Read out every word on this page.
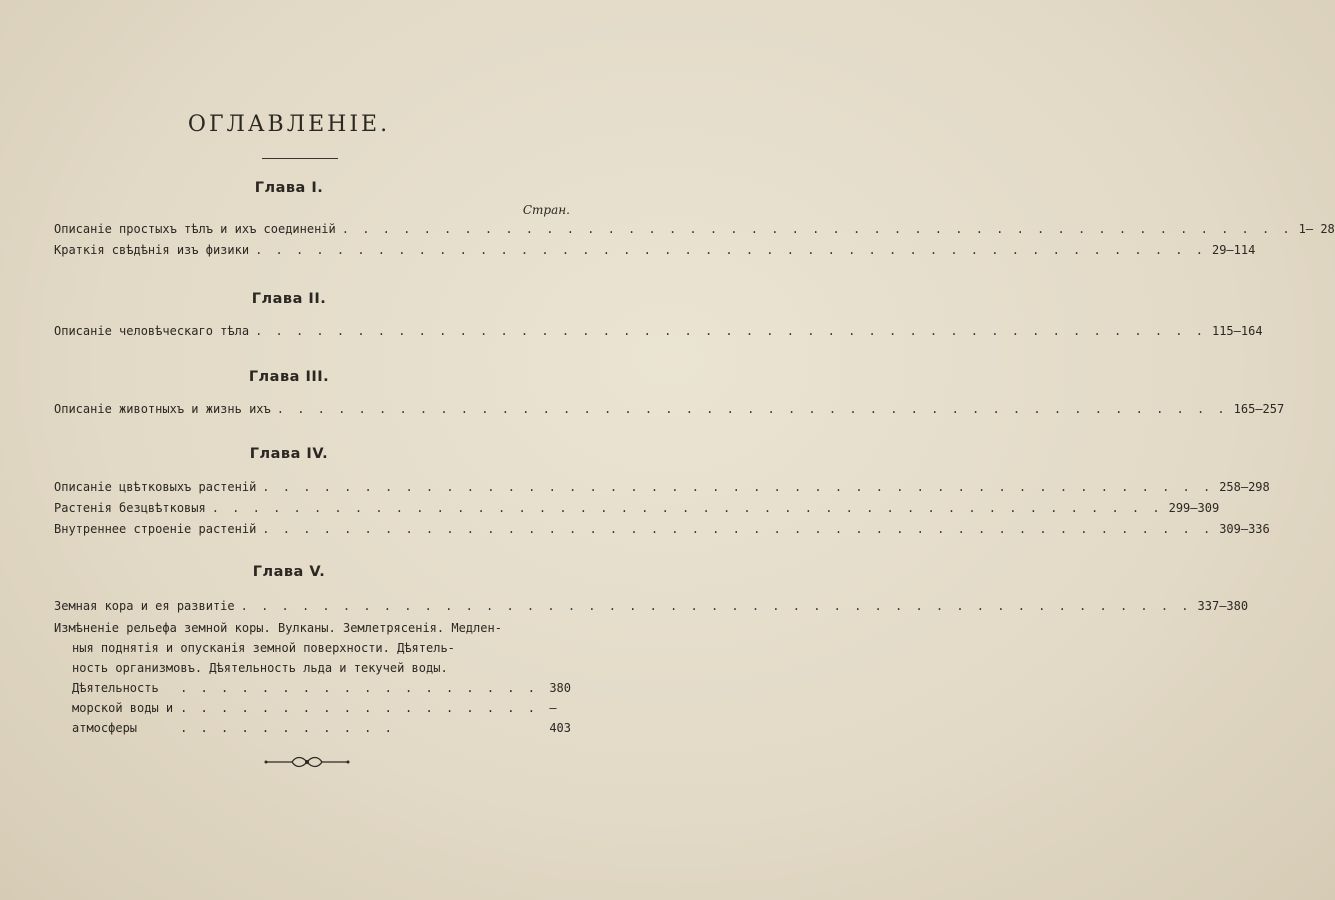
ОГЛАВЛЕНІЕ.
Глава I.
Стран.
Описаніе простыхъ тѣлъ и ихъ соединеній . . . . . . . . . . . . . . . . . . . . . . . . . . . . . . . . . . . . . . . . . . . . . . . 1— 28
Краткія свѣдѣнія изъ физики . . . . . . . . . . . . . . . . . . . . . . . . . . . . . . . . . . . . . . . . . . . . . . . 29—114
Глава II.
Описаніе человѣческаго тѣла . . . . . . . . . . . . . . . . . . . . . . . . . . . . . . . . . . . . . . . . . . . . . . . 115—164
Глава III.
Описаніе животныхъ и жизнь ихъ . . . . . . . . . . . . . . . . . . . . . . . . . . . . . . . . . . . . . . . . . . . . . . . 165—257
Глава IV.
Описаніе цвѣтковыхъ растеній . . . . . . . . . . . . . . . . . . . . . . . . . . . . . . . . . . . . . . . . . . . . . . . 258—298
Растенія безцвѣтковыя . . . . . . . . . . . . . . . . . . . . . . . . . . . . . . . . . . . . . . . . . . . . . . . 299—309
Внутреннее строеніе растеній . . . . . . . . . . . . . . . . . . . . . . . . . . . . . . . . . . . . . . . . . . . . . . . 309—336
Глава V.
Земная кора и ея развитіе . . . . . . . . . . . . . . . . . . . . . . . . . . . . . . . . . . . . . . . . . . . . . . . 337—380
Измѣненіе рельефа земной коры. Вулканы. Землетрясенія. Медлен-
ныя поднятія и опусканія земной поверхности. Дѣятель-
ность организмовъ. Дѣятельность льда и текучей воды.
Дѣятельность морской воды и атмосферы
. . . . . . . . . . . . . . . . . . . . . . . . . . . . . . . . . . . . . . . . . . . . . . .
380—403
